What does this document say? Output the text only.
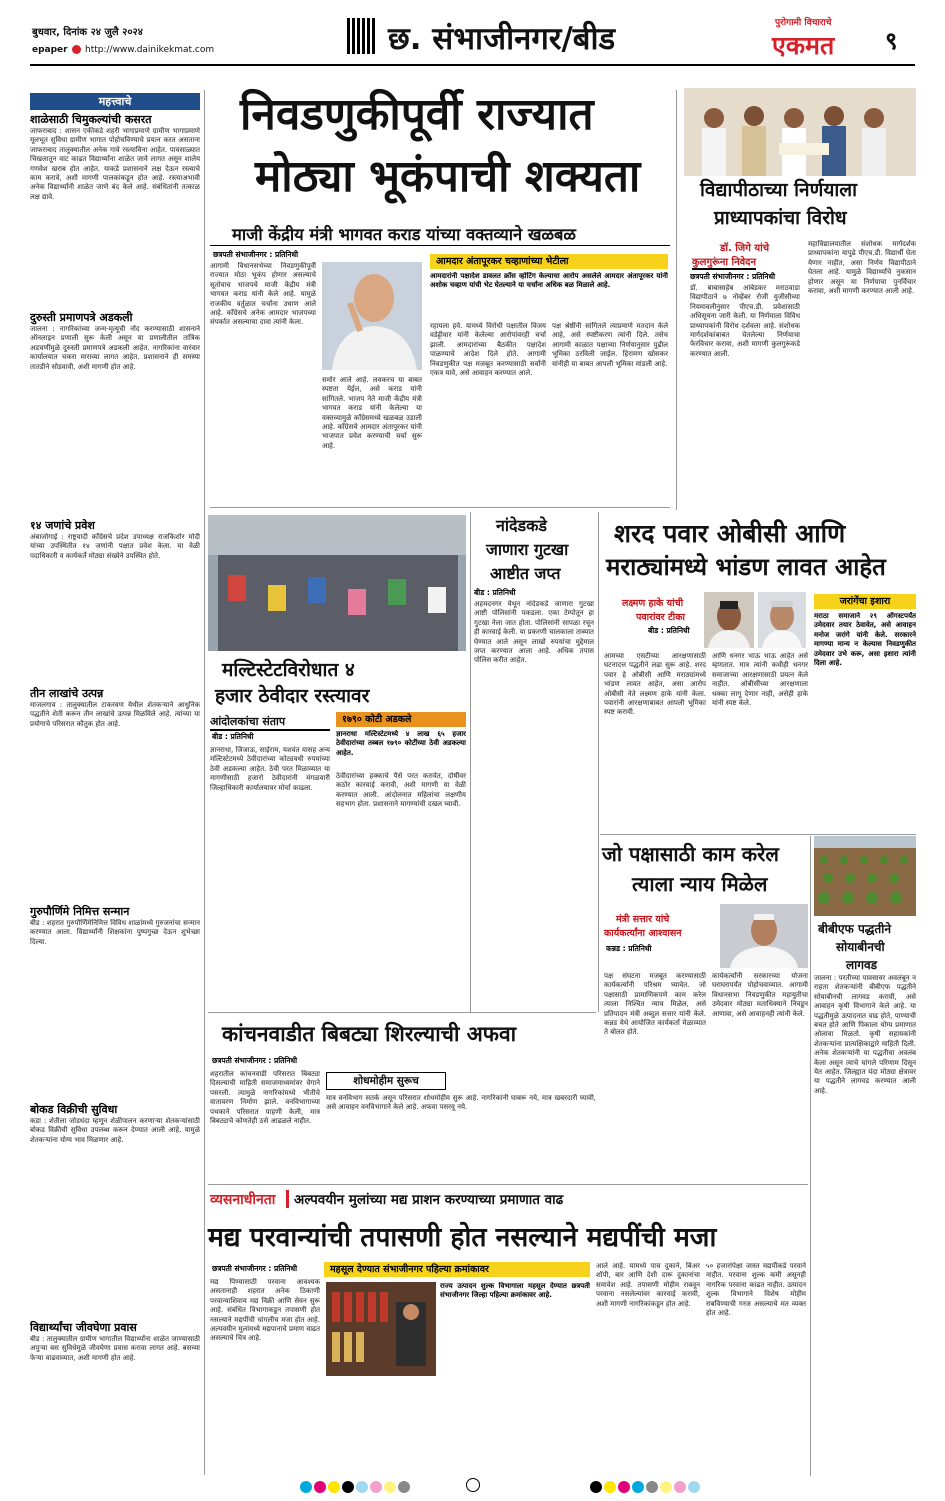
बुधवार, दिनांक २४ जुलै २०२४
epaper http://www.dainikekmat.com	छ. संभाजीनगर/बीड	पुरोगामी विचाराचे
एकमत ९
महत्त्वाचे
शाळेसाठी चिमुकल्यांची कसरत
जाफराबाद : शासन एकीकडे शहरी भागाप्रमाणे ग्रामीण भागाप्रमाणे मूलभूत सुविधा ग्रामीण भागात पोहोचविण्याचे प्रयत्न करत असताना जाफराबाद तालुक्यातील अनेक गावे रस्त्याविना आहेत. पावसाळ्यात चिखलातून वाट काढत विद्यार्थ्यांना शाळेत जावे लागत असून शालेय गणवेश खराब होत आहेत. याकडे प्रशासनाने लक्ष देऊन रस्त्याचे काम करावे, अशी मागणी पालकांकडून होत आहे. रस्त्याअभावी अनेक विद्यार्थ्यांनी शाळेत जाणे बंद केले आहे. संबंधितांनी तत्काळ लक्ष द्यावे.
दुरुस्ती प्रमाणपत्रे अडकली
जालना : नागरिकांच्या जन्म-मृत्यूची नोंद करण्यासाठी शासनाने ऑनलाइन प्रणाली सुरू केली असून या प्रणालीतील तांत्रिक अडचणींमुळे दुरुस्ती प्रमाणपत्रे अडकली आहेत. नागरिकांना वारंवार कार्यालयात चकरा माराव्या लागत आहेत. प्रशासनाने ही समस्या तातडीने सोडवावी, अशी मागणी होत आहे.
१४ जणांचे प्रवेश
अंबाजोगाई : राष्ट्रवादी काँग्रेसचे प्रदेश उपाध्यक्ष राजकिशोर मोदी यांच्या उपस्थितीत १४ जणांनी पक्षात प्रवेश केला. या वेळी पदाधिकारी व कार्यकर्ते मोठ्या संख्येने उपस्थित होते.
तीन लाखांचे उत्पन्न
माजलगाव : तालुक्यातील टाकरवण येथील शेतकऱ्याने आधुनिक पद्धतीने शेती करून तीन लाखांचे उत्पन्न मिळविले आहे. त्यांच्या या प्रयोगाचे परिसरात कौतुक होत आहे.
गुरुपौर्णिमे निमित्त सन्मान
बीड : शहरात गुरुपौर्णिमेनिमित्त विविध शाळांमध्ये गुरुजनांचा सन्मान करण्यात आला. विद्यार्थ्यांनी शिक्षकांना पुष्पगुच्छ देऊन शुभेच्छा दिल्या.
बोकड विक्रीची सुविधा
कडा : शेतीला जोडधंदा म्हणून शेळीपालन करणाऱ्या शेतकऱ्यांसाठी बोकड विक्रीची सुविधा उपलब्ध करून देण्यात आली आहे. यामुळे शेतकऱ्यांना योग्य भाव मिळणार आहे.
विद्यार्थ्यांचा जीवघेणा प्रवास
बीड : तालुक्यातील ग्रामीण भागातील विद्यार्थ्यांना शाळेत जाण्यासाठी अपुऱ्या बस सुविधेमुळे जीवघेणा प्रवास करावा लागत आहे. बसच्या फेऱ्या वाढवाव्यात, अशी मागणी होत आहे.
निवडणुकीपूर्वी राज्यात
मोठ्या भूकंपाची शक्यता
माजी केंद्रीय मंत्री भागवत कराड यांच्या वक्तव्याने खळबळ
छत्रपती संभाजीनगर : प्रतिनिधी
आगामी विधानसभेच्या निवडणुकीपूर्वी राज्यात मोठा भूकंप होणार असल्याचे सूतोवाच भाजपचे माजी केंद्रीय मंत्री भागवत कराड यांनी केले आहे. यामुळे राजकीय वर्तुळात चर्चांना उधाण आले आहे. काँग्रेसचे अनेक आमदार भाजपच्या संपर्कात असल्याचा दावा त्यांनी केला.
समोर आले आहे. लवकरच या बाबत स्पष्टता येईल, असे कराड यांनी सांगितले. भाजप नेते माजी केंद्रीय मंत्री भागवत कराड यांनी केलेल्या या वक्तव्यामुळे काँग्रेसमध्ये खळबळ उडाली आहे. काँग्रेसचे आमदार अंतापूरकर यांनी भाजपात प्रवेश करण्याची चर्चा सुरू आहे.
आमदार अंतापूरकर चव्हाणांच्या भेटीला
आमदारांनी पक्षादेश डावलत क्रॉस व्होटिंग केल्याचा आरोप असलेले आमदार अंतापूरकर यांनी अशोक चव्हाण यांची भेट घेतल्याने या चर्चांना अधिक बळ मिळाले आहे.
रहायला हवे. यामध्ये विरोधी पक्षातील विजय वडेट्टीवार यांनी केलेल्या आरोपांवरही चर्चा झाली. आमदारांच्या बैठकीत पक्षादेश पाळण्याचे आदेश दिले होते. आगामी निवडणुकीत पक्ष मजबूत करण्यासाठी सर्वांनी एकत्र यावे, असे आवाहन करण्यात आले.
पक्ष श्रेष्ठींनी सांगितले त्याप्रमाणे मतदान केले आहे, असे स्पष्टीकरण त्यांनी दिले. तसेच आगामी काळात पक्षाच्या निर्णयानुसार पुढील भूमिका ठरविली जाईल. हिरामण खोसकर यांनीही या बाबत आपली भूमिका मांडली आहे.
विद्यापीठाच्या निर्णयाला
प्राध्यापकांचा विरोध
डॉ. जिगे यांचे
कुलगुरूंना निवेदन
छत्रपती संभाजीनगर : प्रतिनिधी
डॉ. बाबासाहेब आंबेडकर मराठवाडा विद्यापीठाने ७ नोव्हेंबर रोजी युजीसीच्या नियमावलीनुसार पीएच.डी. प्रवेशासाठी अधिसूचना जारी केली. या निर्णयाला विविध प्राध्यापकांनी विरोध दर्शवला आहे. संशोधक मार्गदर्शकांबाबत घेतलेल्या निर्णयाचा फेरविचार करावा, अशी मागणी कुलगुरूंकडे करण्यात आली.
महाविद्यालयातील संशोधक मार्गदर्शक प्राध्यापकांना यापुढे पीएच.डी. विद्यार्थी घेता येणार नाहीत, असा निर्णय विद्यापीठाने घेतला आहे. यामुळे विद्यार्थ्यांचे नुकसान होणार असून या निर्णयाचा पुनर्विचार करावा, अशी मागणी करण्यात आली आहे.
मल्टिस्टेटविरोधात ४
हजार ठेवीदार रस्त्यावर
आंदोलकांचा संताप	१७९० कोटी अडकले
ज्ञानराधा मल्टिस्टेटमध्ये ४ लाख ६५ हजार ठेवीदारांच्या तब्बल १७९० कोटींच्या ठेवी अडकल्या आहेत.
बीड : प्रतिनिधी
ज्ञानराधा, जिजाऊ, साईराम, यशवंत यासह अन्य मल्टिस्टेटमध्ये ठेवीदारांच्या कोट्यवधी रुपयांच्या ठेवी अडकल्या आहेत. ठेवी परत मिळाव्यात या मागणीसाठी हजारो ठेवीदारांनी मंगळवारी जिल्हाधिकारी कार्यालयावर मोर्चा काढला.
ठेवीदारांच्या हक्काचे पैसे परत करावेत, दोषींवर कठोर कारवाई करावी, अशी मागणी या वेळी करण्यात आली. आंदोलनात महिलांचा लक्षणीय सहभाग होता. प्रशासनाने मागण्यांची दखल घ्यावी.
नांदेडकडे
जाणारा गुटखा
आष्टीत जप्त
बीड : प्रतिनिधी
अहमदनगर येथून नांदेडकडे जाणारा गुटखा आष्टी पोलिसांनी पकडला. एका टेम्पोतून हा गुटखा नेला जात होता. पोलिसांनी सापळा रचून ही कारवाई केली. या प्रकरणी चालकाला ताब्यात घेण्यात आले असून लाखो रुपयांचा मुद्देमाल जप्त करण्यात आला आहे. अधिक तपास पोलिस करीत आहेत.
शरद पवार ओबीसी आणि
मराठ्यांमध्ये भांडण लावत आहेत
लक्ष्मण हाके यांची
पवारांवर टीका
बीड : प्रतिनिधी
आमच्या एसटीच्या आरक्षणासाठी घटनादत्त पद्धतीने लढा सुरू आहे. शरद पवार हे ओबीसी आणि मराठ्यांमध्ये भांडण लावत आहेत, असा आरोप ओबीसी नेते लक्ष्मण हाके यांनी केला. पवारांनी आरक्षणाबाबत आपली भूमिका स्पष्ट करावी.
आणि धनगर भाऊ भाऊ आहेत असे म्हणतात. मात्र त्यांनी कधीही धनगर समाजाच्या आरक्षणासाठी प्रयत्न केले नाहीत. ओबीसींच्या आरक्षणाला धक्का लागू देणार नाही, असेही हाके यांनी स्पष्ट केले.
जरांगेंचा इशारा
मराठा समाजाने २९ ऑगस्टपर्यंत उमेदवार तयार ठेवावेत, असे आवाहन मनोज जरांगे यांनी केले. सरकारने मागण्या मान्य न केल्यास निवडणुकीत उमेदवार उभे करू, असा इशारा त्यांनी दिला आहे.
जो पक्षासाठी काम करेल
त्याला न्याय मिळेल
मंत्री सत्तार यांचे
कार्यकर्त्यांना आश्वासन
कन्नड : प्रतिनिधी
पक्ष संघटना मजबूत करण्यासाठी कार्यकर्त्यांनी परिश्रम घ्यावेत. जो पक्षासाठी प्रामाणिकपणे काम करेल त्याला निश्चित न्याय मिळेल, असे प्रतिपादन मंत्री अब्दुल सत्तार यांनी केले. कन्नड येथे आयोजित कार्यकर्ता मेळाव्यात ते बोलत होते.
कार्यकर्त्यांनी सरकारच्या योजना घराघरापर्यंत पोहोचवाव्यात. आगामी विधानसभा निवडणुकीत महायुतीचा उमेदवार मोठ्या मताधिक्याने निवडून आणावा, असे आवाहनही त्यांनी केले.
बीबीएफ पद्धतीने
सोयाबीनची
लागवड
जालना : परतीच्या पावसावर अवलंबून न राहता शेतकऱ्यांनी बीबीएफ पद्धतीने सोयाबीनची लागवड करावी, असे आवाहन कृषी विभागाने केले आहे. या पद्धतीमुळे उत्पादनात वाढ होते, पाण्याची बचत होते आणि पिकाला योग्य प्रमाणात ओलावा मिळतो. कृषी सहायकांनी शेतकऱ्यांना प्रात्यक्षिकाद्वारे माहिती दिली. अनेक शेतकऱ्यांनी या पद्धतीचा अवलंब केला असून त्याचे चांगले परिणाम दिसून येत आहेत. जिल्ह्यात यंदा मोठ्या क्षेत्रावर या पद्धतीने लागवड करण्यात आली आहे.
कांचनवाडीत बिबट्या शिरल्याची अफवा
छत्रपती संभाजीनगर : प्रतिनिधी
शहरातील कांचनवाडी परिसरात बिबट्या दिसल्याची माहिती समाजमाध्यमांवर वेगाने पसरली. त्यामुळे नागरिकांमध्ये भीतीचे वातावरण निर्माण झाले. वनविभागाच्या पथकाने परिसरात पाहणी केली, मात्र बिबट्याचे कोणतेही ठसे आढळले नाहीत.
शोधमोहीम सुरूच
मात्र वनविभाग सतर्क असून परिसरात शोधमोहीम सुरू आहे. नागरिकांनी घाबरू नये, मात्र खबरदारी घ्यावी, असे आवाहन वनविभागाने केले आहे. अफवा पसरवू नये.
व्यसनाधीनता अल्पवयीन मुलांच्या मद्य प्राशन करण्याच्या प्रमाणात वाढ
मद्य परवान्यांची तपासणी होत नसल्याने मद्यपींची मजा
छत्रपती संभाजीनगर : प्रतिनिधी
मद्य पिण्यासाठी परवाना आवश्यक असतानाही शहरात अनेक ठिकाणी परवान्याशिवाय मद्य विक्री आणि सेवन सुरू आहे. संबंधित विभागाकडून तपासणी होत नसल्याने मद्यपींची चांगलीच मजा होत आहे. अल्पवयीन मुलांमध्ये मद्यपानाचे प्रमाण वाढत असल्याचे चित्र आहे.
महसूल देण्यात संभाजीनगर पहिल्या क्रमांकावर
राज्य उत्पादन शुल्क विभागाला महसूल देण्यात छत्रपती संभाजीनगर जिल्हा पहिल्या क्रमांकावर आहे.
आले आहे. यामध्ये पाच दुकाने, बिअर शॉपी, बार आणि देशी दारू दुकानांचा समावेश आहे. तपासणी मोहीम राबवून परवाना नसलेल्यांवर कारवाई करावी, अशी मागणी नागरिकांकडून होत आहे.
५० हजारांपेक्षा जास्त मद्यपींकडे परवाने नाहीत. परवाना शुल्क कमी असूनही नागरिक परवाना काढत नाहीत. उत्पादन शुल्क विभागाने विशेष मोहीम राबविण्याची गरज असल्याचे मत व्यक्त होत आहे.
